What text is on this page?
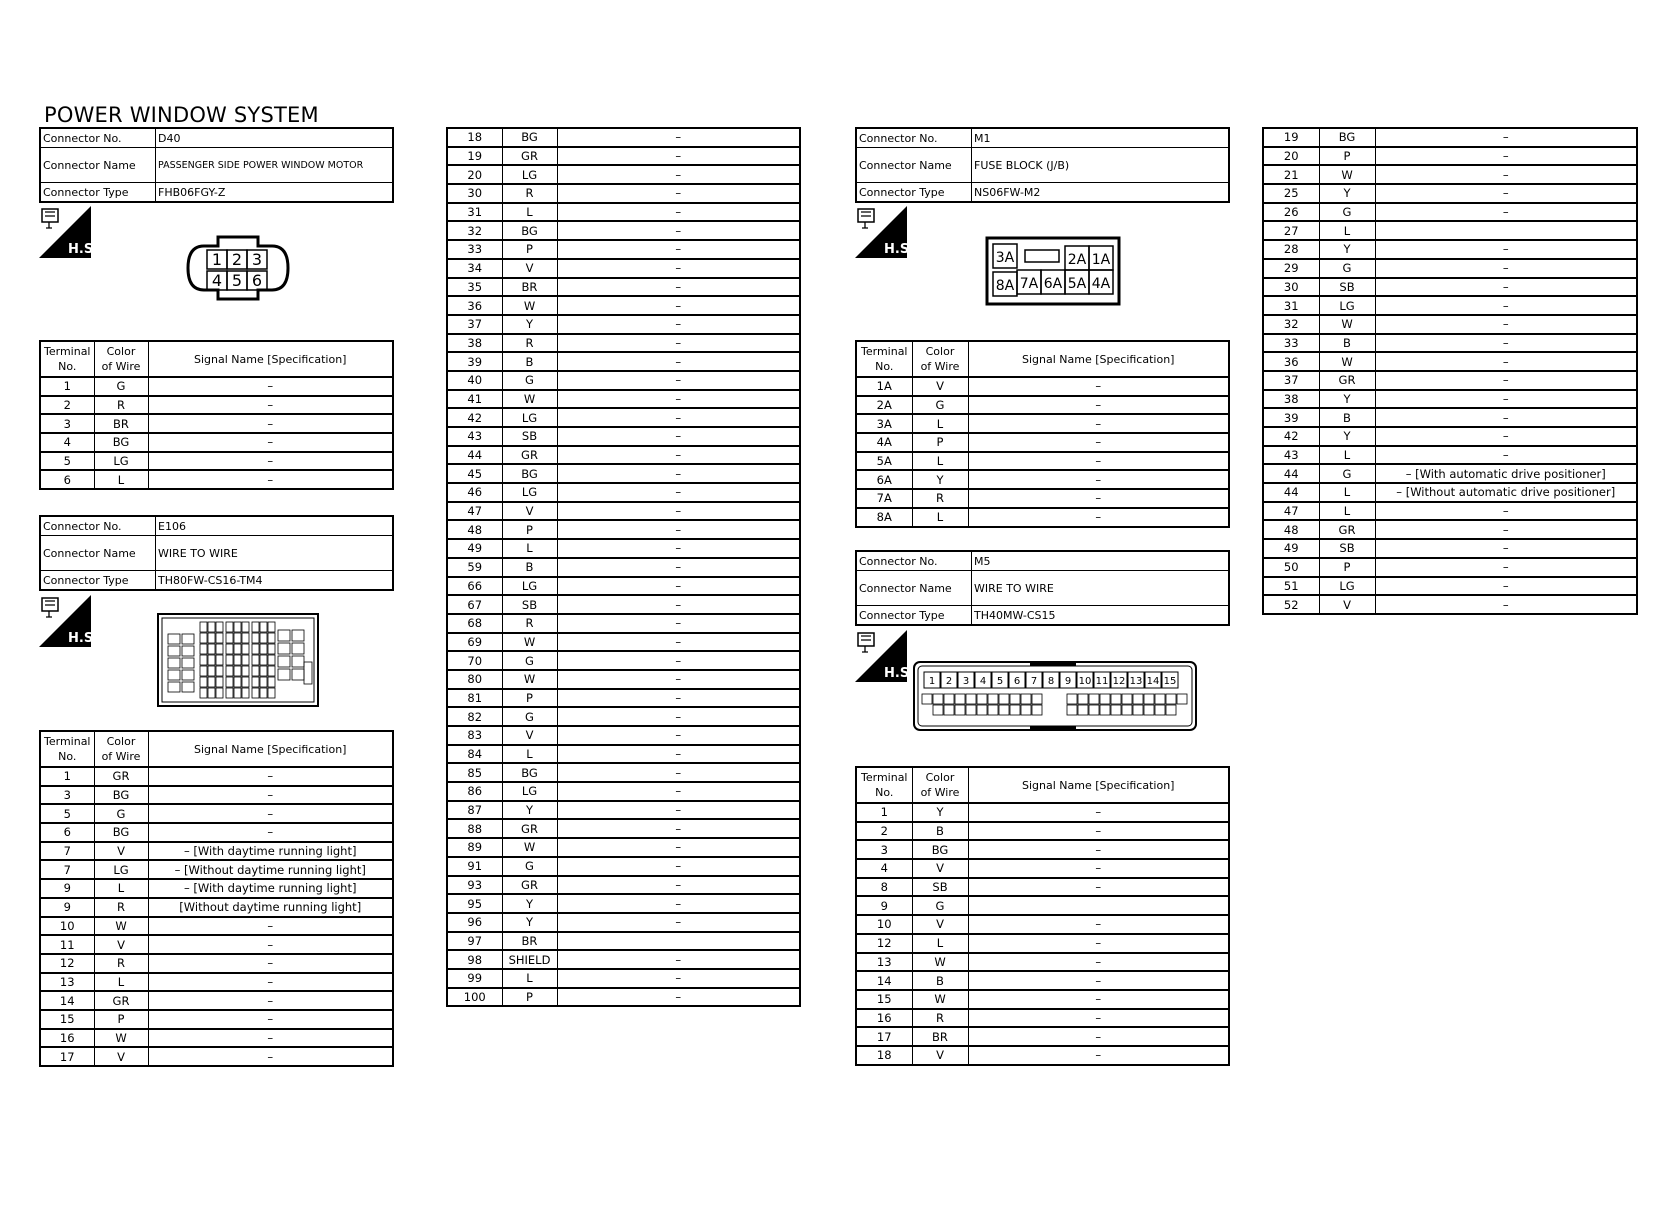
POWER WINDOW SYSTEM
Connector No.	D40
Connector Name	PASSENGER SIDE POWER WINDOW MOTOR
Connector Type	FHB06FGY-Z
H.S.
1 2 3
4 5 6
Terminal
No.	Color
of Wire	Signal Name [Specification]
1	G	–
2	R	–
3	BR	–
4	BG	–
5	LG	–
6	L	–
Connector No.	E106
Connector Name	WIRE TO WIRE
Connector Type	TH80FW-CS16-TM4
H.S.
Terminal
No.	Color
of Wire	Signal Name [Specification]
1	GR	–
3	BG	–
5	G	–
6	BG	–
7	V	– [With daytime running light]
7	LG	– [Without daytime running light]
9	L	– [With daytime running light]
9	R	[Without daytime running light]
10	W	–
11	V	–
12	R	–
13	L	–
14	GR	–
15	P	–
16	W	–
17	V	–
18	BG	–
19	GR	–
20	LG	–
30	R	–
31	L	–
32	BG	–
33	P	–
34	V	–
35	BR	–
36	W	–
37	Y	–
38	R	–
39	B	–
40	G	–
41	W	–
42	LG	–
43	SB	–
44	GR	–
45	BG	–
46	LG	–
47	V	–
48	P	–
49	L	–
59	B	–
66	LG	–
67	SB	–
68	R	–
69	W	–
70	G	–
80	W	–
81	P	–
82	G	–
83	V	–
84	L	–
85	BG	–
86	LG	–
87	Y	–
88	GR	–
89	W	–
91	G	–
93	GR	–
95	Y	–
96	Y	–
97	BR	
98	SHIELD	–
99	L	–
100	P	–
Connector No.	M1
Connector Name	FUSE BLOCK (J/B)
Connector Type	NS06FW-M2
H.S.
3A	2A 1A
8A 7A 6A 5A 4A
Terminal
No.	Color
of Wire	Signal Name [Specification]
1A	V	–
2A	G	–
3A	L	–
4A	P	–
5A	L	–
6A	Y	–
7A	R	–
8A	L	–
Connector No.	M5
Connector Name	WIRE TO WIRE
Connector Type	TH40MW-CS15
H.S.
1 2 3 4 5 6 7 8 9 10 11 12 13 14 15
Terminal
No.	Color
of Wire	Signal Name [Specification]
1	Y	–
2	B	–
3	BG	–
4	V	–
8	SB	–
9	G	
10	V	–
12	L	–
13	W	–
14	B	–
15	W	–
16	R	–
17	BR	–
18	V	–
19	BG	–
20	P	–
21	W	–
25	Y	–
26	G	–
27	L	
28	Y	–
29	G	–
30	SB	–
31	LG	–
32	W	–
33	B	–
36	W	–
37	GR	–
38	Y	–
39	B	–
42	Y	–
43	L	–
44	G	– [With automatic drive positioner]
44	L	– [Without automatic drive positioner]
47	L	–
48	GR	–
49	SB	–
50	P	–
51	LG	–
52	V	–
